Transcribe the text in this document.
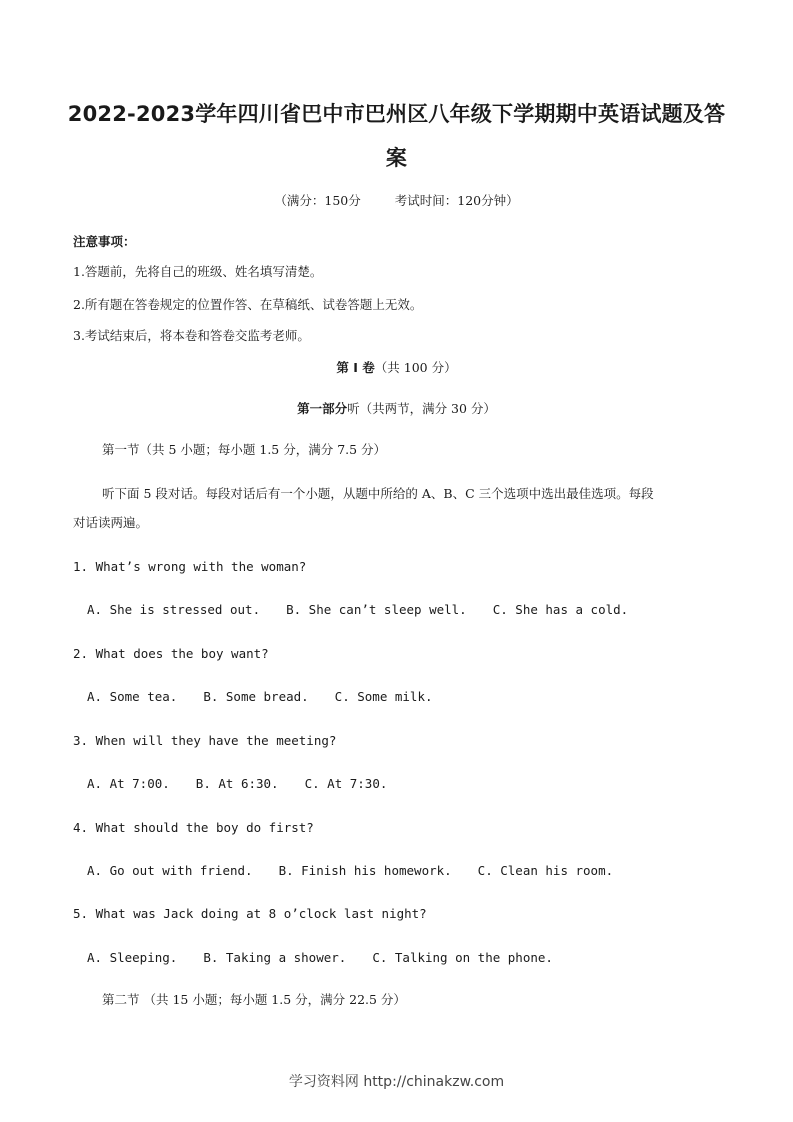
2022-2023学年四川省巴中市巴州区八年级下学期期中英语试题及答案
（满分：150分	考试时间：120分钟）
注意事项：
1.答题前，先将自己的班级、姓名填写清楚。
2.所有题在答卷规定的位置作答、在草稿纸、试卷答题上无效。
3.考试结束后，将本卷和答卷交监考老师。
第 I 卷（共 100 分）
第一部分听（共两节，满分 30 分）
第一节（共 5 小题；每小题 1.5 分，满分 7.5 分）
听下面 5 段对话。每段对话后有一个小题，从题中所给的 A、B、C 三个选项中选出最佳选项。每段
对话读两遍。
1. What’s wrong with the woman?
A. She is stressed out. B. She can’t sleep well. C. She has a cold.
2. What does the boy want?
A. Some tea. B. Some bread. C. Some milk.
3. When will they have the meeting?
A. At 7:00. B. At 6:30. C. At 7:30.
4. What should the boy do first?
A. Go out with friend. B. Finish his homework. C. Clean his room.
5. What was Jack doing at 8 o’clock last night?
A. Sleeping. B. Taking a shower. C. Talking on the phone.
第二节 （共 15 小题；每小题 1.5 分，满分 22.5 分）
学习资料网 http://chinakzw.com
